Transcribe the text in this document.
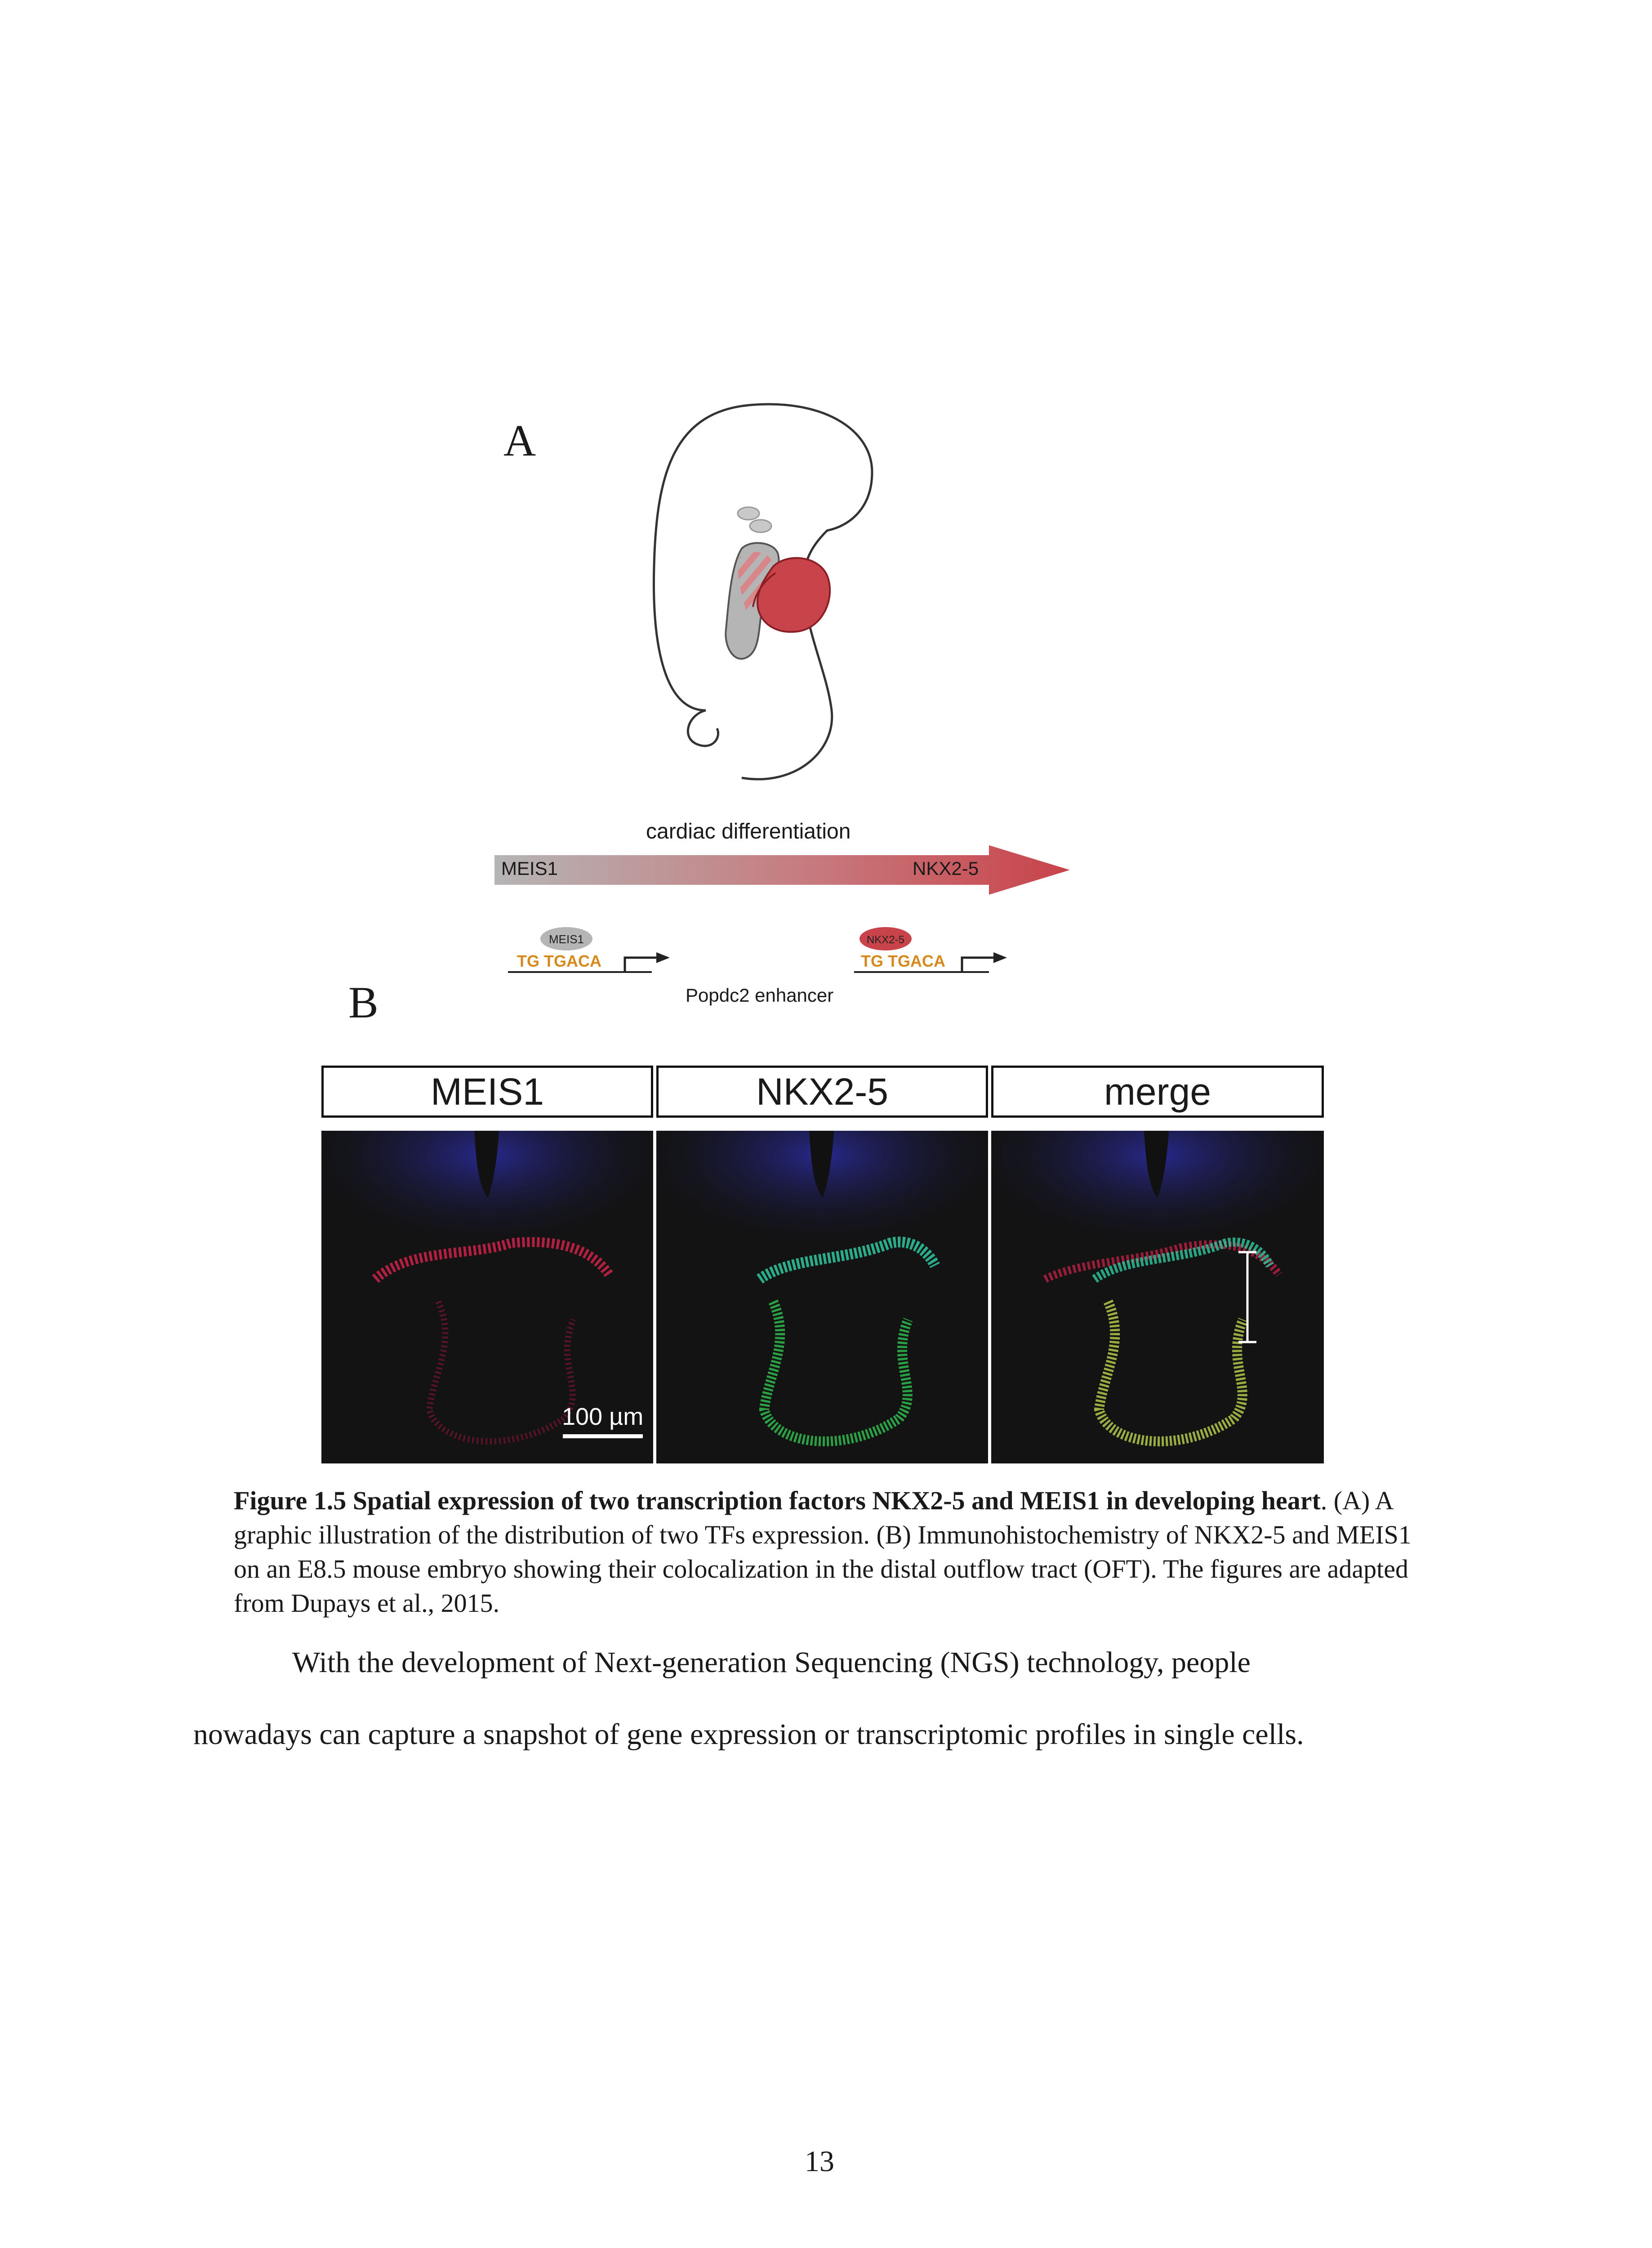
A
B
cardiac differentiation
MEIS1	NKX2-5
MEIS1
TG TGACA
NKX2-5
TG TGACA
Popdc2 enhancer
MEIS1	NKX2-5	merge
100 µm
Figure 1.5 Spatial expression of two transcription factors NKX2-5 and MEIS1 in developing heart. (A) A graphic illustration of the distribution of two TFs expression. (B) Immunohistochemistry of NKX2-5 and MEIS1 on an E8.5 mouse embryo showing their colocalization in the distal outflow tract (OFT). The figures are adapted from Dupays et al., 2015.
With the development of Next-generation Sequencing (NGS) technology, people
nowadays can capture a snapshot of gene expression or transcriptomic profiles in single cells.
13
